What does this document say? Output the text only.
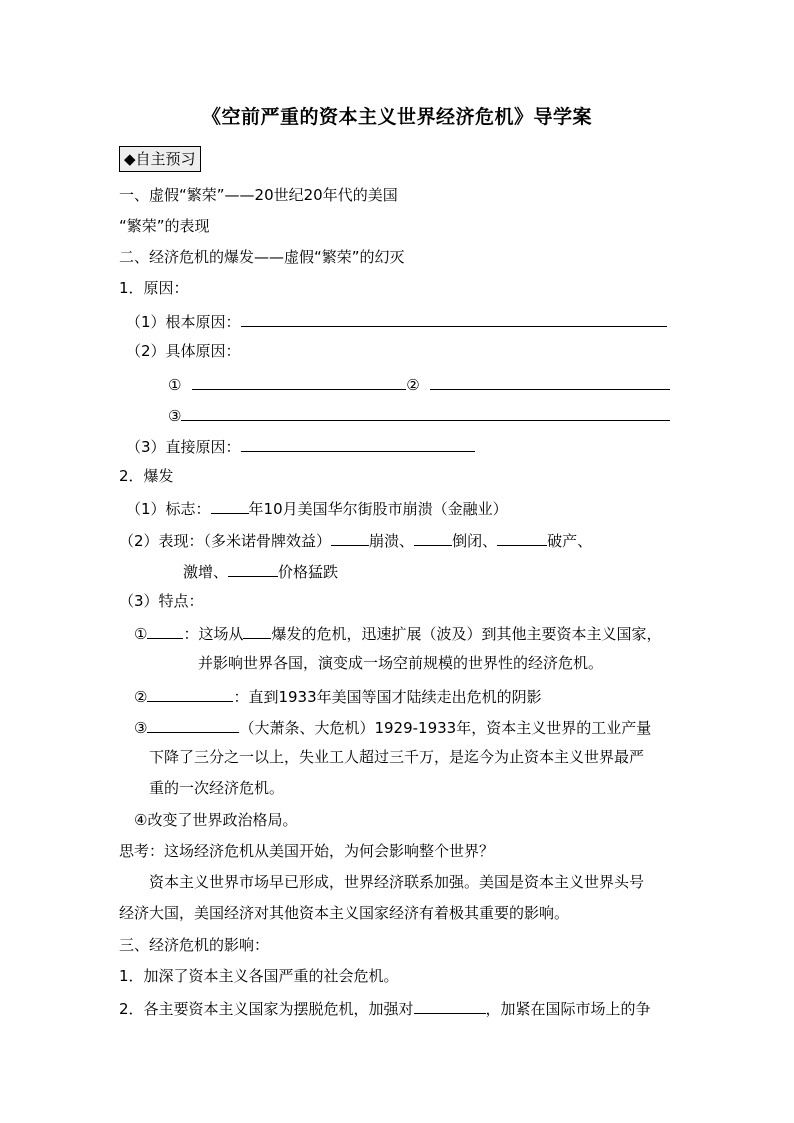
《空前严重的资本主义世界经济危机》导学案
◆自主预习
一、虚假“繁荣”——20世纪20年代的美国
“繁荣”的表现
二、经济危机的爆发——虚假“繁荣”的幻灭
1．原因：
（1）根本原因：
（2）具体原因：
①	②
③
（3）直接原因：
2．爆发
（1）标志：	年10月美国华尔街股市崩溃（金融业）
（2）表现：（多米诺骨牌效益）	崩溃、	倒闭、	破产、
激增、	价格猛跌
（3）特点：
① ：这场从 爆发的危机，迅速扩展（波及）到其他主要资本主义国家，
并影响世界各国，演变成一场空前规模的世界性的经济危机。
②	：直到1933年美国等国才陆续走出危机的阴影
③	（大萧条、大危机）1929-1933年，资本主义世界的工业产量
下降了三分之一以上，失业工人超过三千万，是迄今为止资本主义世界最严
重的一次经济危机。
④改变了世界政治格局。
思考：这场经济危机从美国开始，为何会影响整个世界？
资本主义世界市场早已形成，世界经济联系加强。美国是资本主义世界头号
经济大国，美国经济对其他资本主义国家经济有着极其重要的影响。
三、经济危机的影响：
1．加深了资本主义各国严重的社会危机。
2．各主要资本主义国家为摆脱危机，加强对	，加紧在国际市场上的争
